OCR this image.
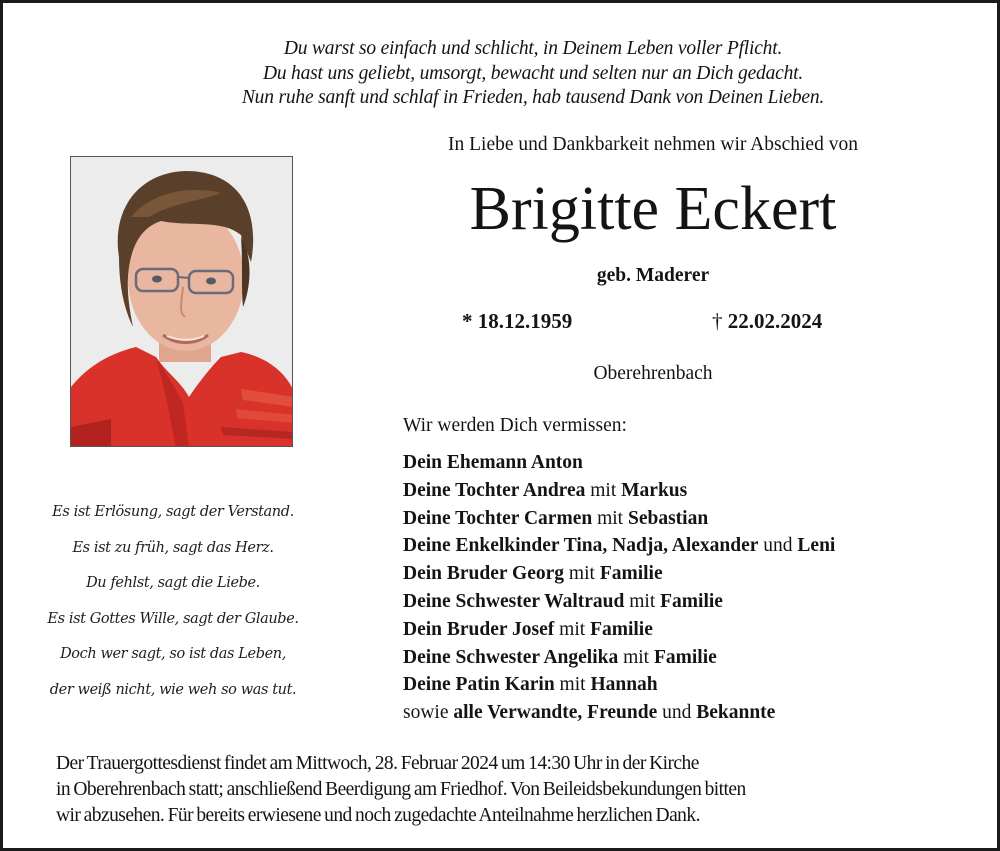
Du warst so einfach und schlicht, in Deinem Leben voller Pflicht.
Du hast uns geliebt, umsorgt, bewacht und selten nur an Dich gedacht.
Nun ruhe sanft und schlaf in Frieden, hab tausend Dank von Deinen Lieben.
In Liebe und Dankbarkeit nehmen wir Abschied von
Brigitte Eckert
geb. Maderer
* 18.12.1959	† 22.02.2024
Oberehrenbach
Es ist Erlösung, sagt der Verstand.
Es ist zu früh, sagt das Herz.
Du fehlst, sagt die Liebe.
Es ist Gottes Wille, sagt der Glaube.
Doch wer sagt, so ist das Leben,
der weiß nicht, wie weh so was tut.
Wir werden Dich vermissen:
Dein Ehemann Anton
Deine Tochter Andrea mit Markus
Deine Tochter Carmen mit Sebastian
Deine Enkelkinder Tina, Nadja, Alexander und Leni
Dein Bruder Georg mit Familie
Deine Schwester Waltraud mit Familie
Dein Bruder Josef mit Familie
Deine Schwester Angelika mit Familie
Deine Patin Karin mit Hannah
sowie alle Verwandte, Freunde und Bekannte
Der Trauergottesdienst findet am Mittwoch, 28. Februar 2024 um 14:30 Uhr in der Kirche
in Oberehrenbach statt; anschließend Beerdigung am Friedhof. Von Beileidsbekundungen bitten
wir abzusehen. Für bereits erwiesene und noch zugedachte Anteilnahme herzlichen Dank.
